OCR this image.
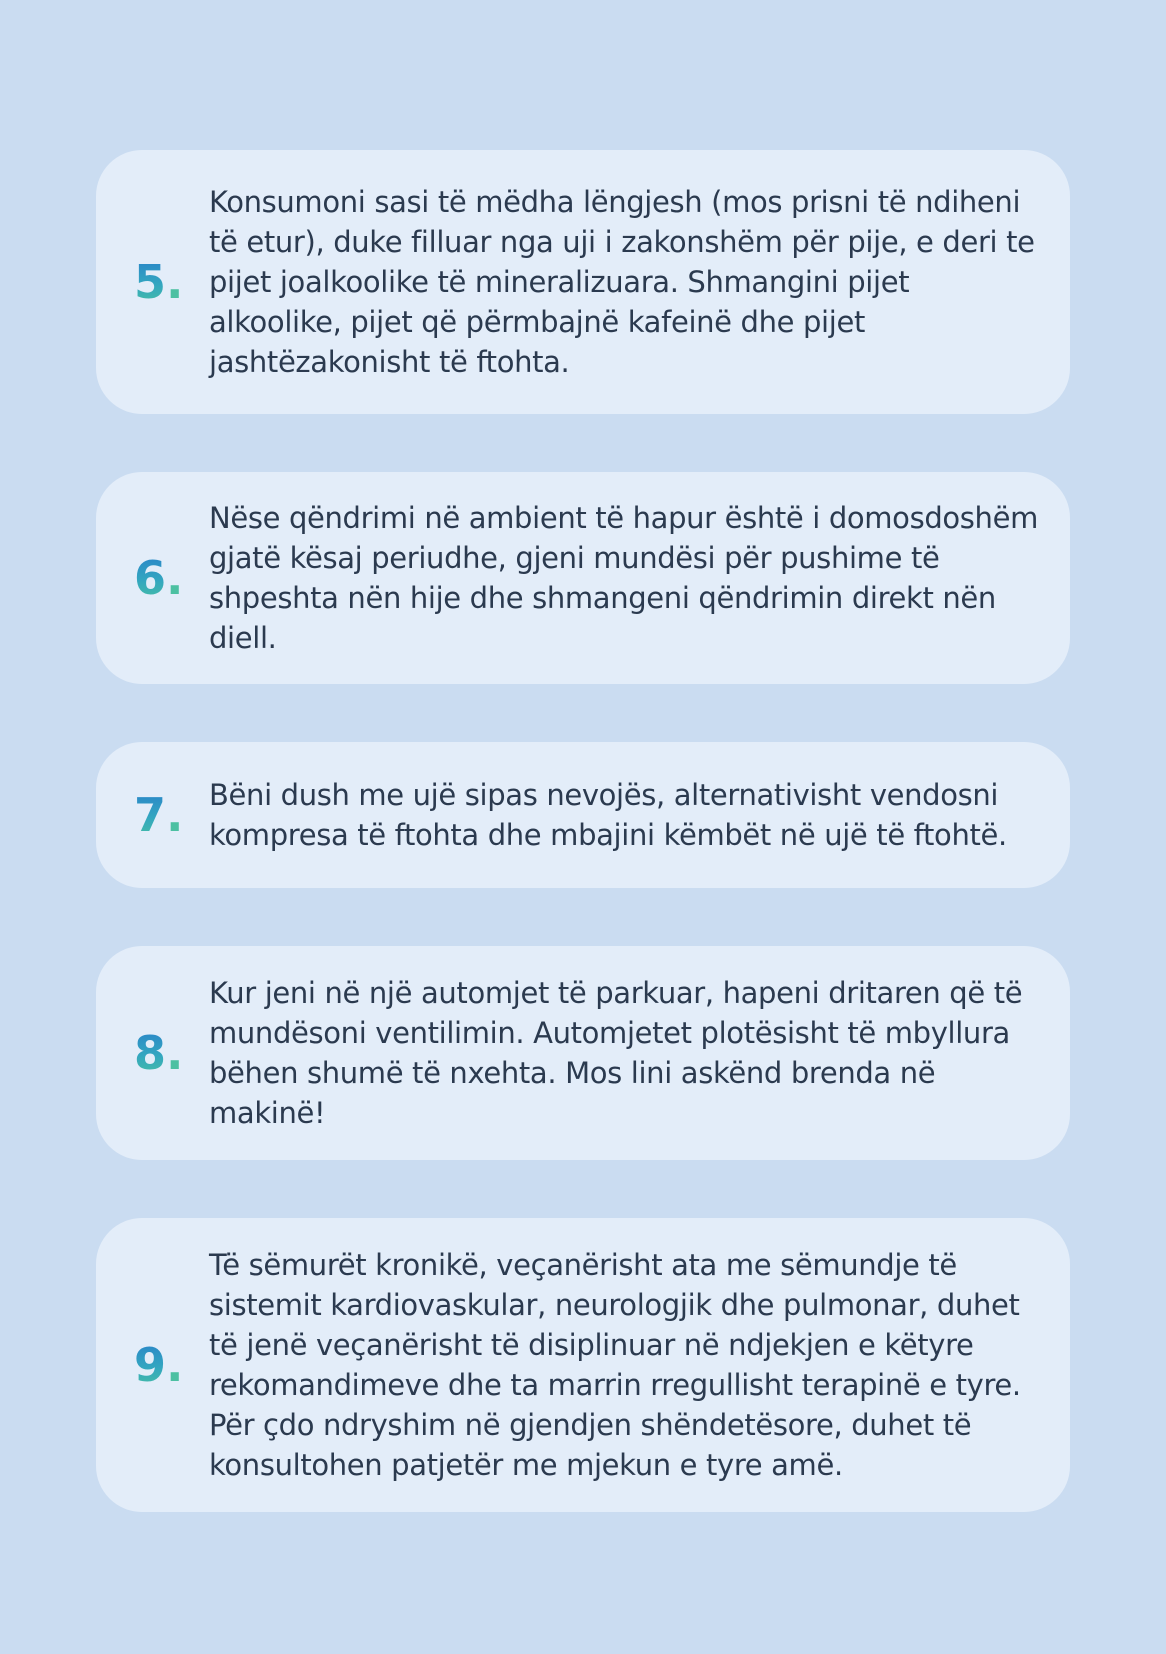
5 .

Konsumoni sasi të mëdha lëngjesh (mos prisni të ndiheni të etur), duke filluar nga uji i zakonshëm për pije, e deri te pijet joalkoolike të mineralizuara. Shmangini pijet alkoolike, pijet që përmbajnë kafeinë dhe pijet jashtëzakonisht të ftohta.

6 .

Nëse qëndrimi në ambient të hapur është i domosdoshëm gjatë kësaj periudhe, gjeni mundësi për pushime të shpeshta nën hije dhe shmangeni qëndrimin direkt nën diell.

7 . Bëni dush me ujë sipas nevojës, alternativisht vendosni kompresa të ftohta dhe mbajini këmbët në ujë të ftohtë.

8 .

Kur jeni në një automjet të parkuar, hapeni dritaren që të mundësoni ventilimin. Automjetet plotësisht të mbyllura bëhen shumë të nxehta. Mos lini askënd brenda në makinë!

9 .

Të sëmurët kronikë, veçanërisht ata me sëmundje të sistemit kardiovaskular, neurologjik dhe pulmonar, duhet të jenë veçanërisht të disiplinuar në ndjekjen e këtyre rekomandimeve dhe ta marrin rregullisht terapinë e tyre. Për çdo ndryshim në gjendjen shëndetësore, duhet të konsultohen patjetër me mjekun e tyre amë.
